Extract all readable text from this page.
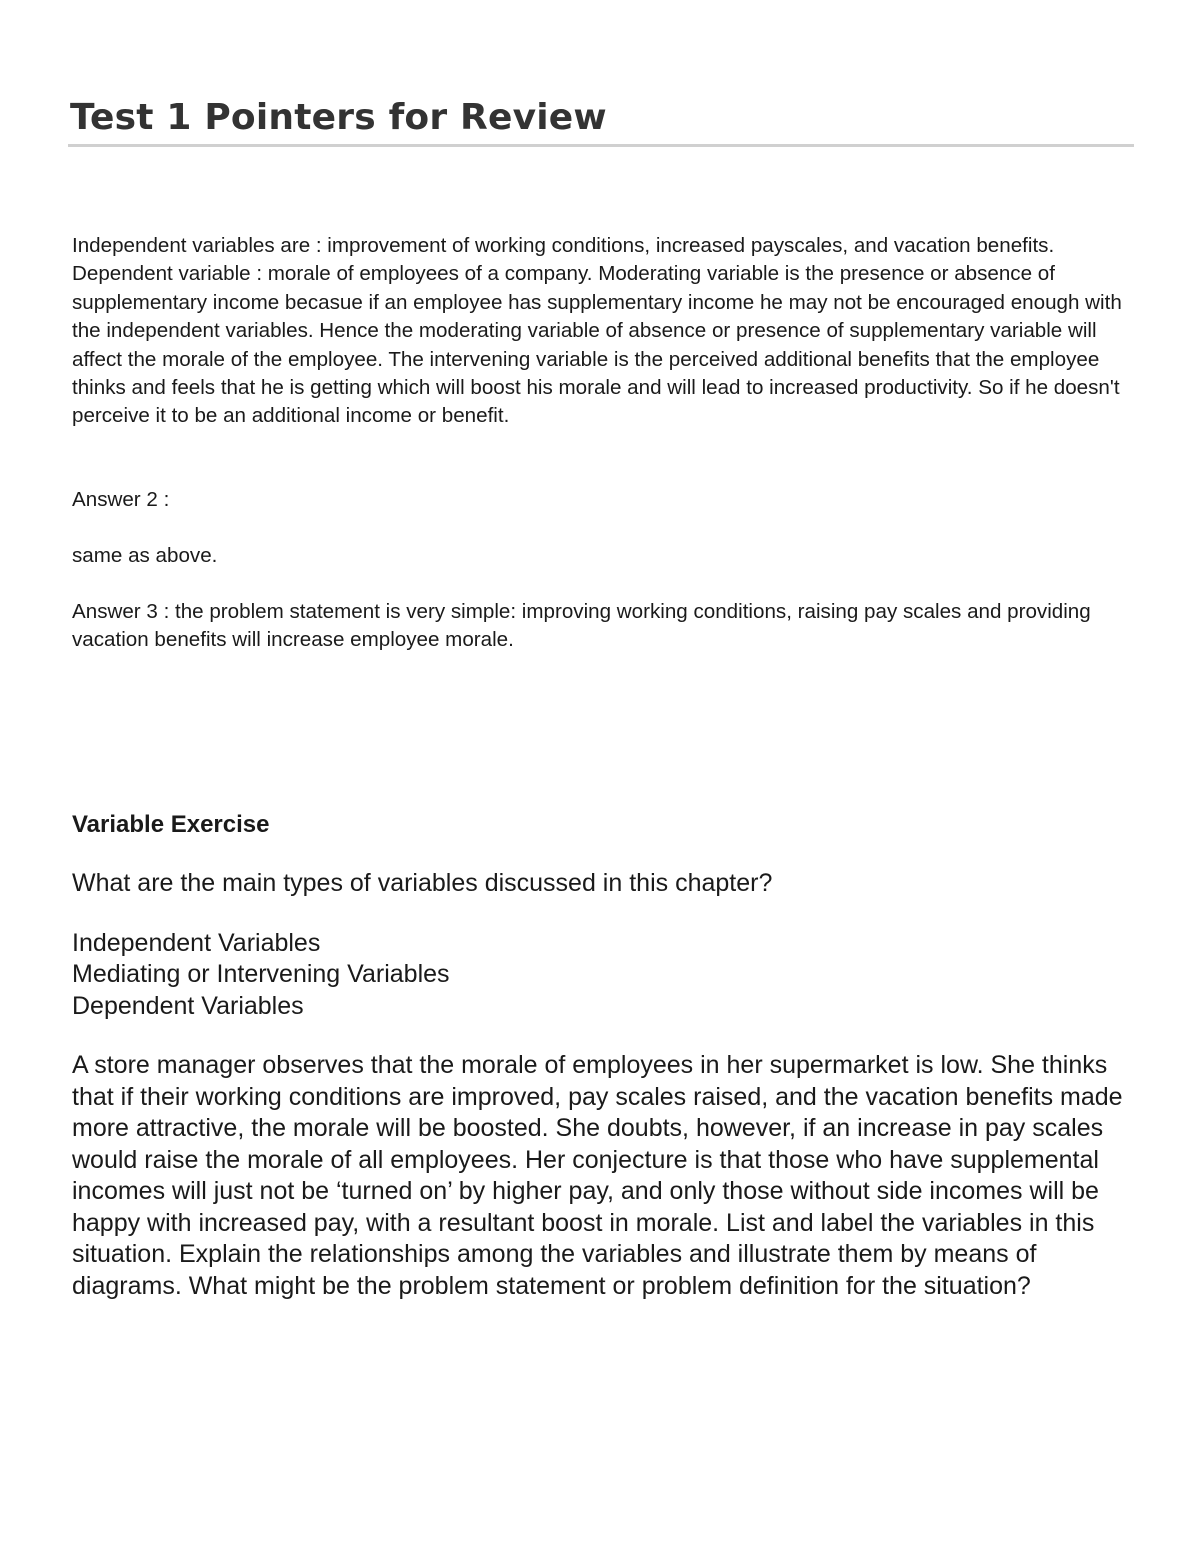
Test 1 Pointers for Review

Independent variables are : improvement of working conditions, increased payscales, and vacation benefits. Dependent variable : morale of employees of a company. Moderating variable is the presence or absence of supplementary income becasue if an employee has supplementary income he may not be encouraged enough with the independent variables. Hence the moderating variable of absence or presence of supplementary variable will affect the morale of the employee. The intervening variable is the perceived additional benefits that the employee thinks and feels that he is getting which will boost his morale and will lead to increased productivity. So if he doesn't perceive it to be an additional income or benefit.

Answer 2 :

same as above.

Answer 3 : the problem statement is very simple: improving working conditions, raising pay scales and providing vacation benefits will increase employee morale.

Variable Exercise

What are the main types of variables discussed in this chapter?

Independent Variables
Mediating or Intervening Variables
Dependent Variables

A store manager observes that the morale of employees in her supermarket is low. She thinks that if their working conditions are improved, pay scales raised, and the vacation benefits made more attractive, the morale will be boosted. She doubts, however, if an increase in pay scales would raise the morale of all employees. Her conjecture is that those who have supplemental incomes will just not be ‘turned on’ by higher pay, and only those without side incomes will be happy with increased pay, with a resultant boost in morale. List and label the variables in this situation. Explain the relationships among the variables and illustrate them by means of diagrams. What might be the problem statement or problem definition for the situation?
